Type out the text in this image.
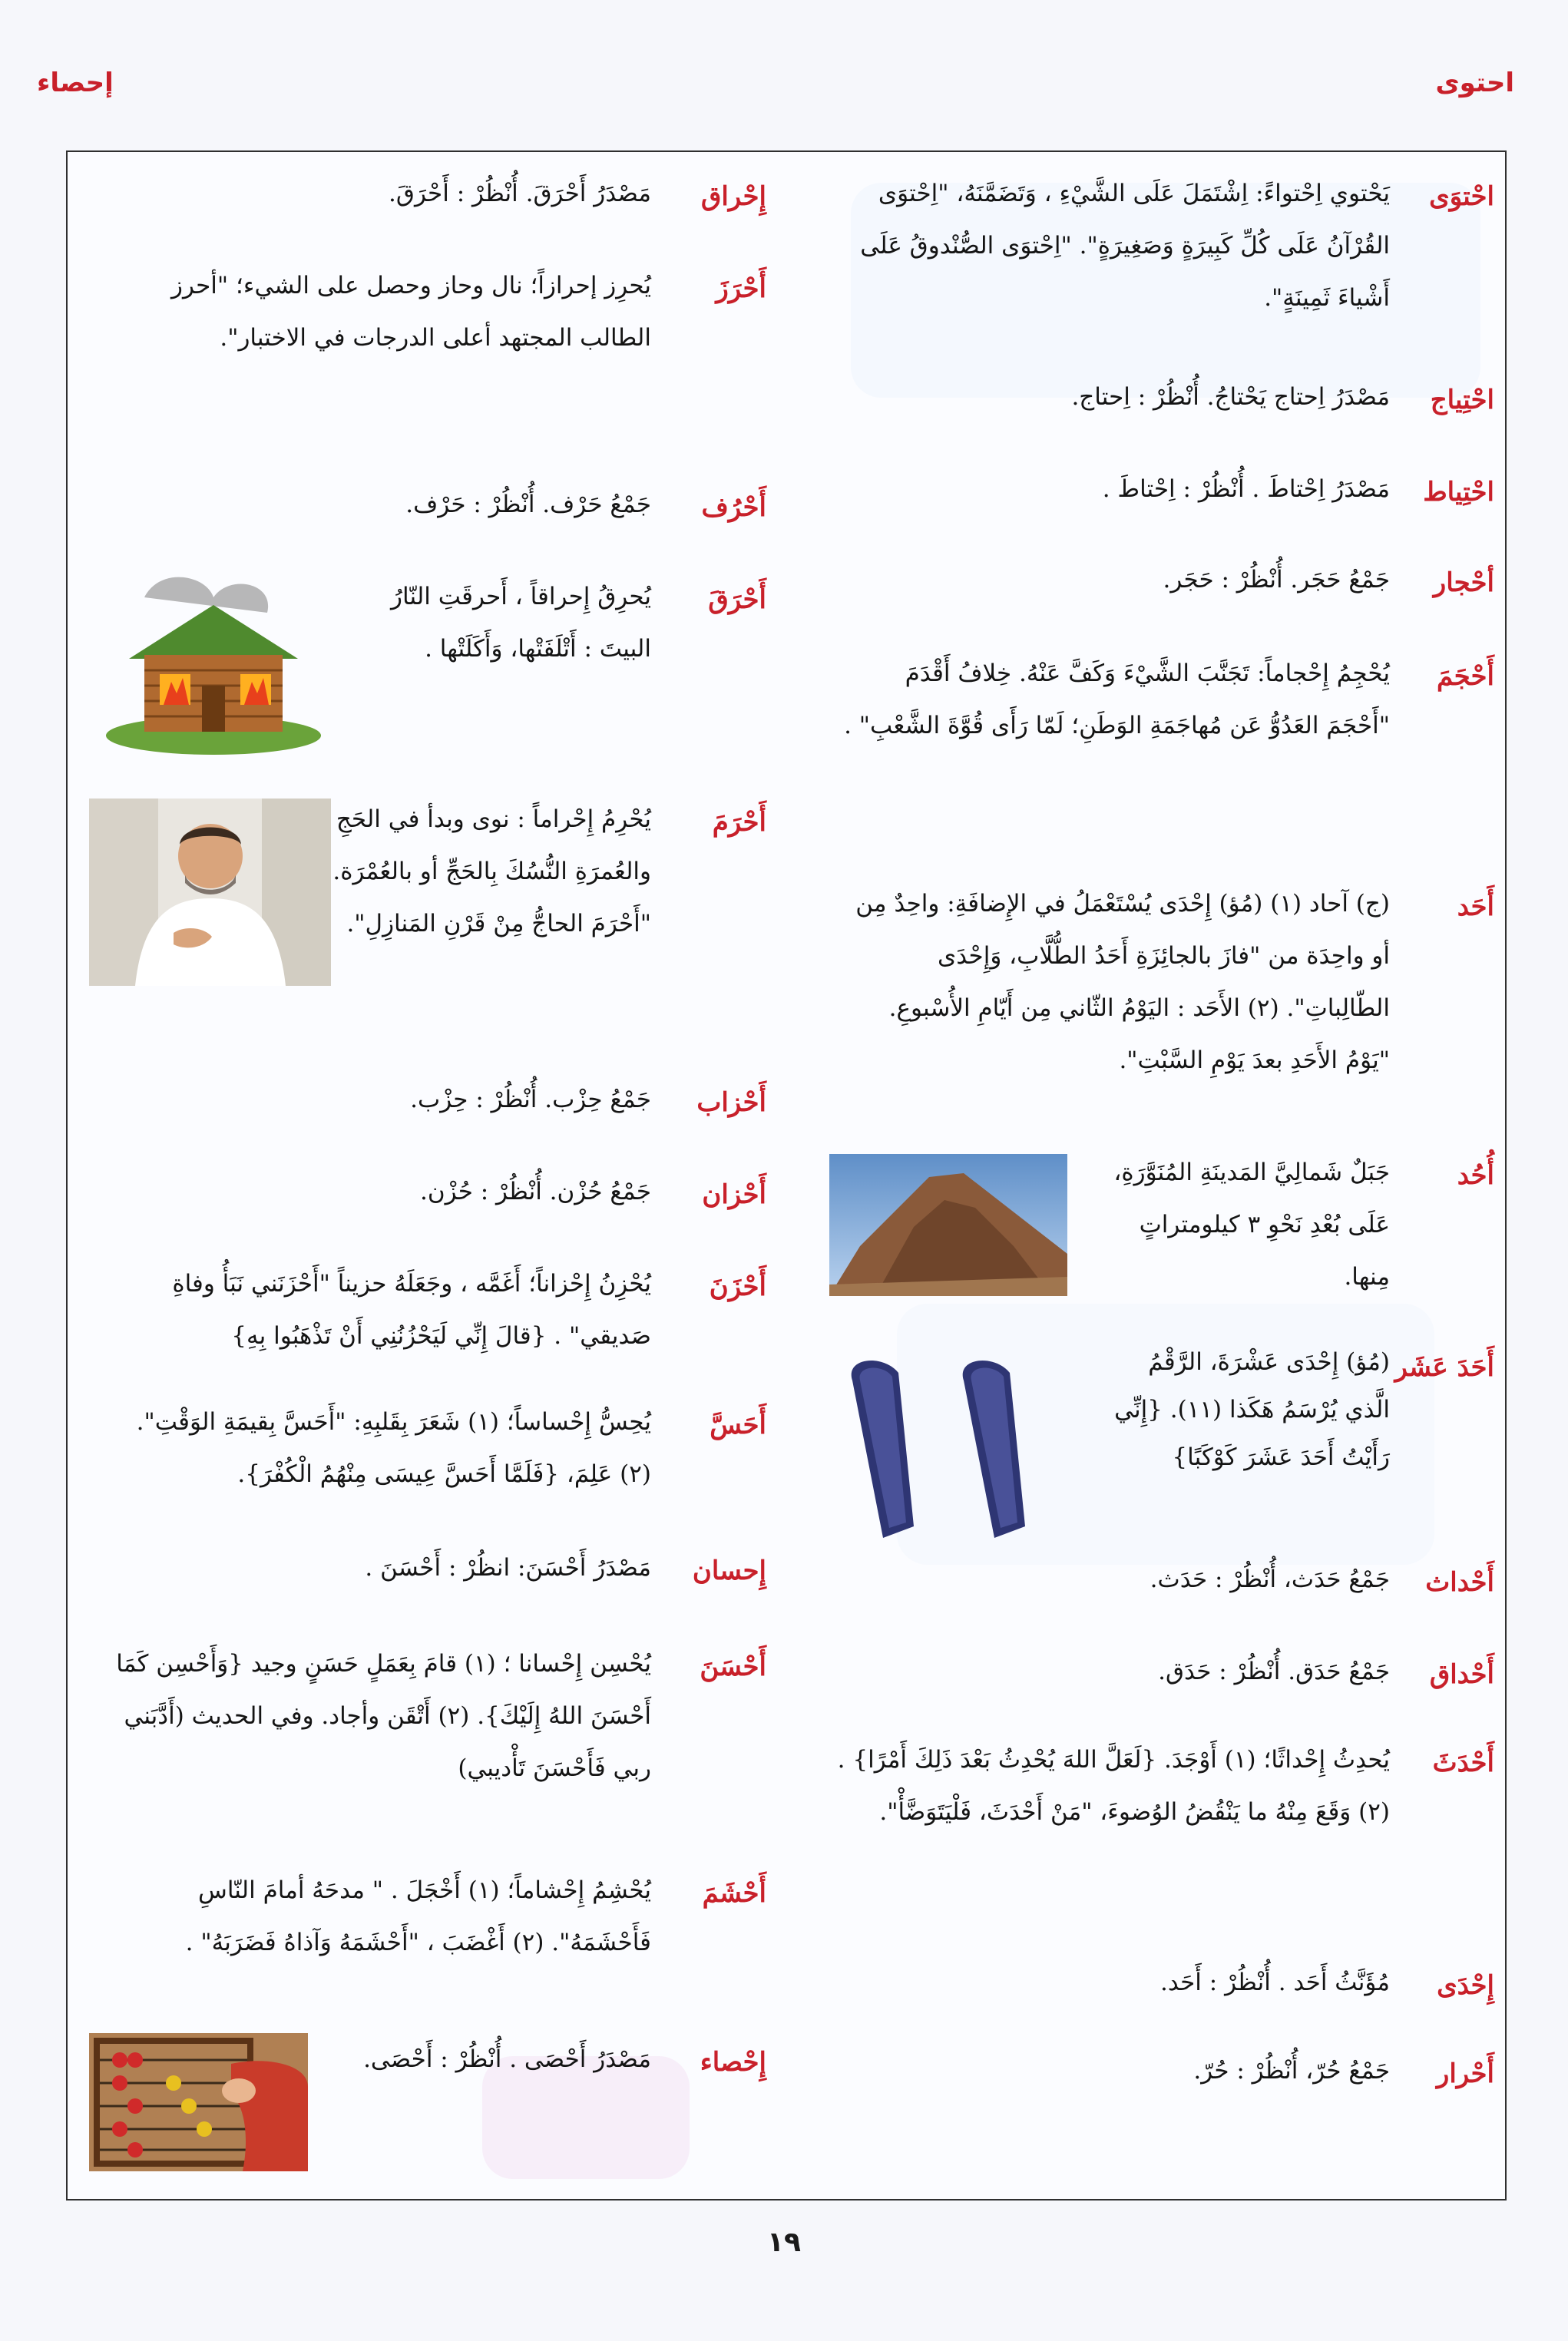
إحصاء	احتوى
احْتوَى
يَحْتوي اِحْتواءً: اِشْتَمَلَ عَلَى الشَّيْءِ ، وَتَضَمَّنَهُ، "اِحْتوَى القُرْآنُ عَلَى كُلِّ كَبِيرَةٍ وَصَغِيرَةٍ". "اِحْتوَى الصُّنْدوقُ عَلَى أَشْياءَ ثَمِينَةٍ".
احْتِياج
مَصْدَرُ اِحتاج يَحْتاجُ. أُنْظُرْ : اِحتاج.
احْتِياط
مَصْدَرُ اِحْتاطَ . أُنْظُرْ : اِحْتاطَ .
أحْجار
جَمْعُ حَجَر. أُنْظُرْ : حَجَر.
أَحْجَمَ
يُحْجِمُ إِحْجاماً: تَجَنَّبَ الشَّيْءَ وَكَفَّ عَنْهُ. خِلافُ أَقْدَمَ "أَحْجَمَ العَدُوُّ عَن مُهاجَمَةِ الوَطَنِ؛ لَمّا رَأَى قُوَّةَ الشَّعْبِ" .
أَحَد
(ج) آحاد (١) (مُؤ) إِحْدَى يُسْتَعْمَلُ في الإِضافَةِ: واحِدٌ مِن أو واحِدَة من "فازَ بالجائِزَةِ أَحَدُ الطُّلَّابِ، وَإِحْدَى الطّالِباتِ". (٢) الأَحَد : اليَوْمُ الثّاني مِن أَيّامِ الأُسْبوعِ. "يَوْمُ الأَحَدِ بعدَ يَوْمِ السَّبْتِ".
أُحُد
جَبَلٌ شَمالِيَّ المَدينَةِ المُنَوَّرَةِ، عَلَى بُعْدِ نَحْوِ ٣ كيلومتراتٍ مِنها.
أَحَدَ عَشَر
(مُؤ) إِحْدَى عَشْرَةَ، الرَّقْمُ الَّذي يُرْسَمُ هَكَذا (١١). {إِنِّي رَأَيْتُ أَحَدَ عَشَرَ كَوْكَبًا}
أَحْداث
جَمْعُ حَدَث، أُنْظُرْ : حَدَث.
أَحْداق
جَمْعُ حَدَق. أُنْظُرْ : حَدَق.
أَحْدَثَ
يُحدِثُ إِحْداثًا؛ (١) أَوْجَدَ. {لَعَلَّ اللهَ يُحْدِثُ بَعْدَ ذَلِكَ أَمْرًا} . (٢) وَقَعَ مِنْهُ ما يَنْقُضُ الوُضوءَ، "مَنْ أَحْدَثَ، فَلْيَتَوَضَّأْ".
إِحْدَى
مُؤَنَّثُ أَحَد . أُنْظُرْ : أَحَد.
أَحْرار
جَمْعُ حُرّ، أُنْظُرْ : حُرّ.
إِحْراق
مَصْدَرُ أَحْرَقَ. أُنْظُرْ : أَحْرَقَ.
أَحْرَزَ
يُحرِز إحرازاً؛ نال وحاز وحصل على الشيء؛ "أحرز الطالب المجتهد أعلى الدرجات في الاختبار".
أَحْرُف
جَمْعُ حَرْف. أُنْظُرْ : حَرْف.
أَحْرَقَ
يُحرِقُ إِحراقاً ، أَحرقَتِ النّارُ البيتَ : أَتْلَفَتْها، وَأَكَلَتْها .
أَحْرَمَ
يُحْرِمُ إِحْراماً : نوى وبدأ في الحَجِ والعُمرَةِ النُّسُكَ بِالحَجِّ أو بالعُمْرَة. "أَحْرَمَ الحاجُّ مِنْ قَرْنِ المَنازِلِ".
أَحْزاب
جَمْعُ حِزْب. أُنْظُرْ : حِزْب.
أَحْزان
جَمْعُ حُزْن. أُنْظُرْ : حُزْن.
أَحْزَنَ
يُحْزِنُ إِحْزاناً؛ أَغَمَّه ، وجَعَلَهُ حزيناً "أَحْزَنَني نَبَأُ وفاةِ صَديقي" . {قالَ إِنِّي لَيَحْزُنُنِي أَنْ تَذْهَبُوا بِهِ}
أَحَسَّ
يُحِسُّ إِحْساساً؛ (١) شَعَرَ بِقَلبِهِ: "أَحَسَّ بِقيمَةِ الوَقْتِ". (٢) عَلِمَ، {فَلَمَّا أَحَسَّ عِيسَى مِنْهُمُ الْكُفْرَ}.
إِحسان
مَصْدَرُ أَحْسَنَ: انظُرْ : أَحْسَنَ .
أَحْسَنَ
يُحْسِن إِحْسانا ؛ (١) قامَ بِعَمَلٍ حَسَنٍ وجيد {وَأَحْسِن كَمَا أَحْسَنَ اللهُ إِلَيْكَ}. (٢) أَتْقَن وأجاد. وفي الحديث (أَدَّبَني ربي فَأَحْسَنَ تَأْديبي)
أَحْشَمَ
يُحْشِمُ إِحْشاماً؛ (١) أَخْجَلَ . " مدحَهُ أمامَ النّاسِ فَأَحْشَمَهُ". (٢) أَغْضَبَ ، "أَحْشَمَهُ وَآذاهُ فَضَرَبَهُ" .
إِحْصاء
مَصْدَرُ أَحْصَى . أُنْظُرْ : أَحْصَى.
١٩
